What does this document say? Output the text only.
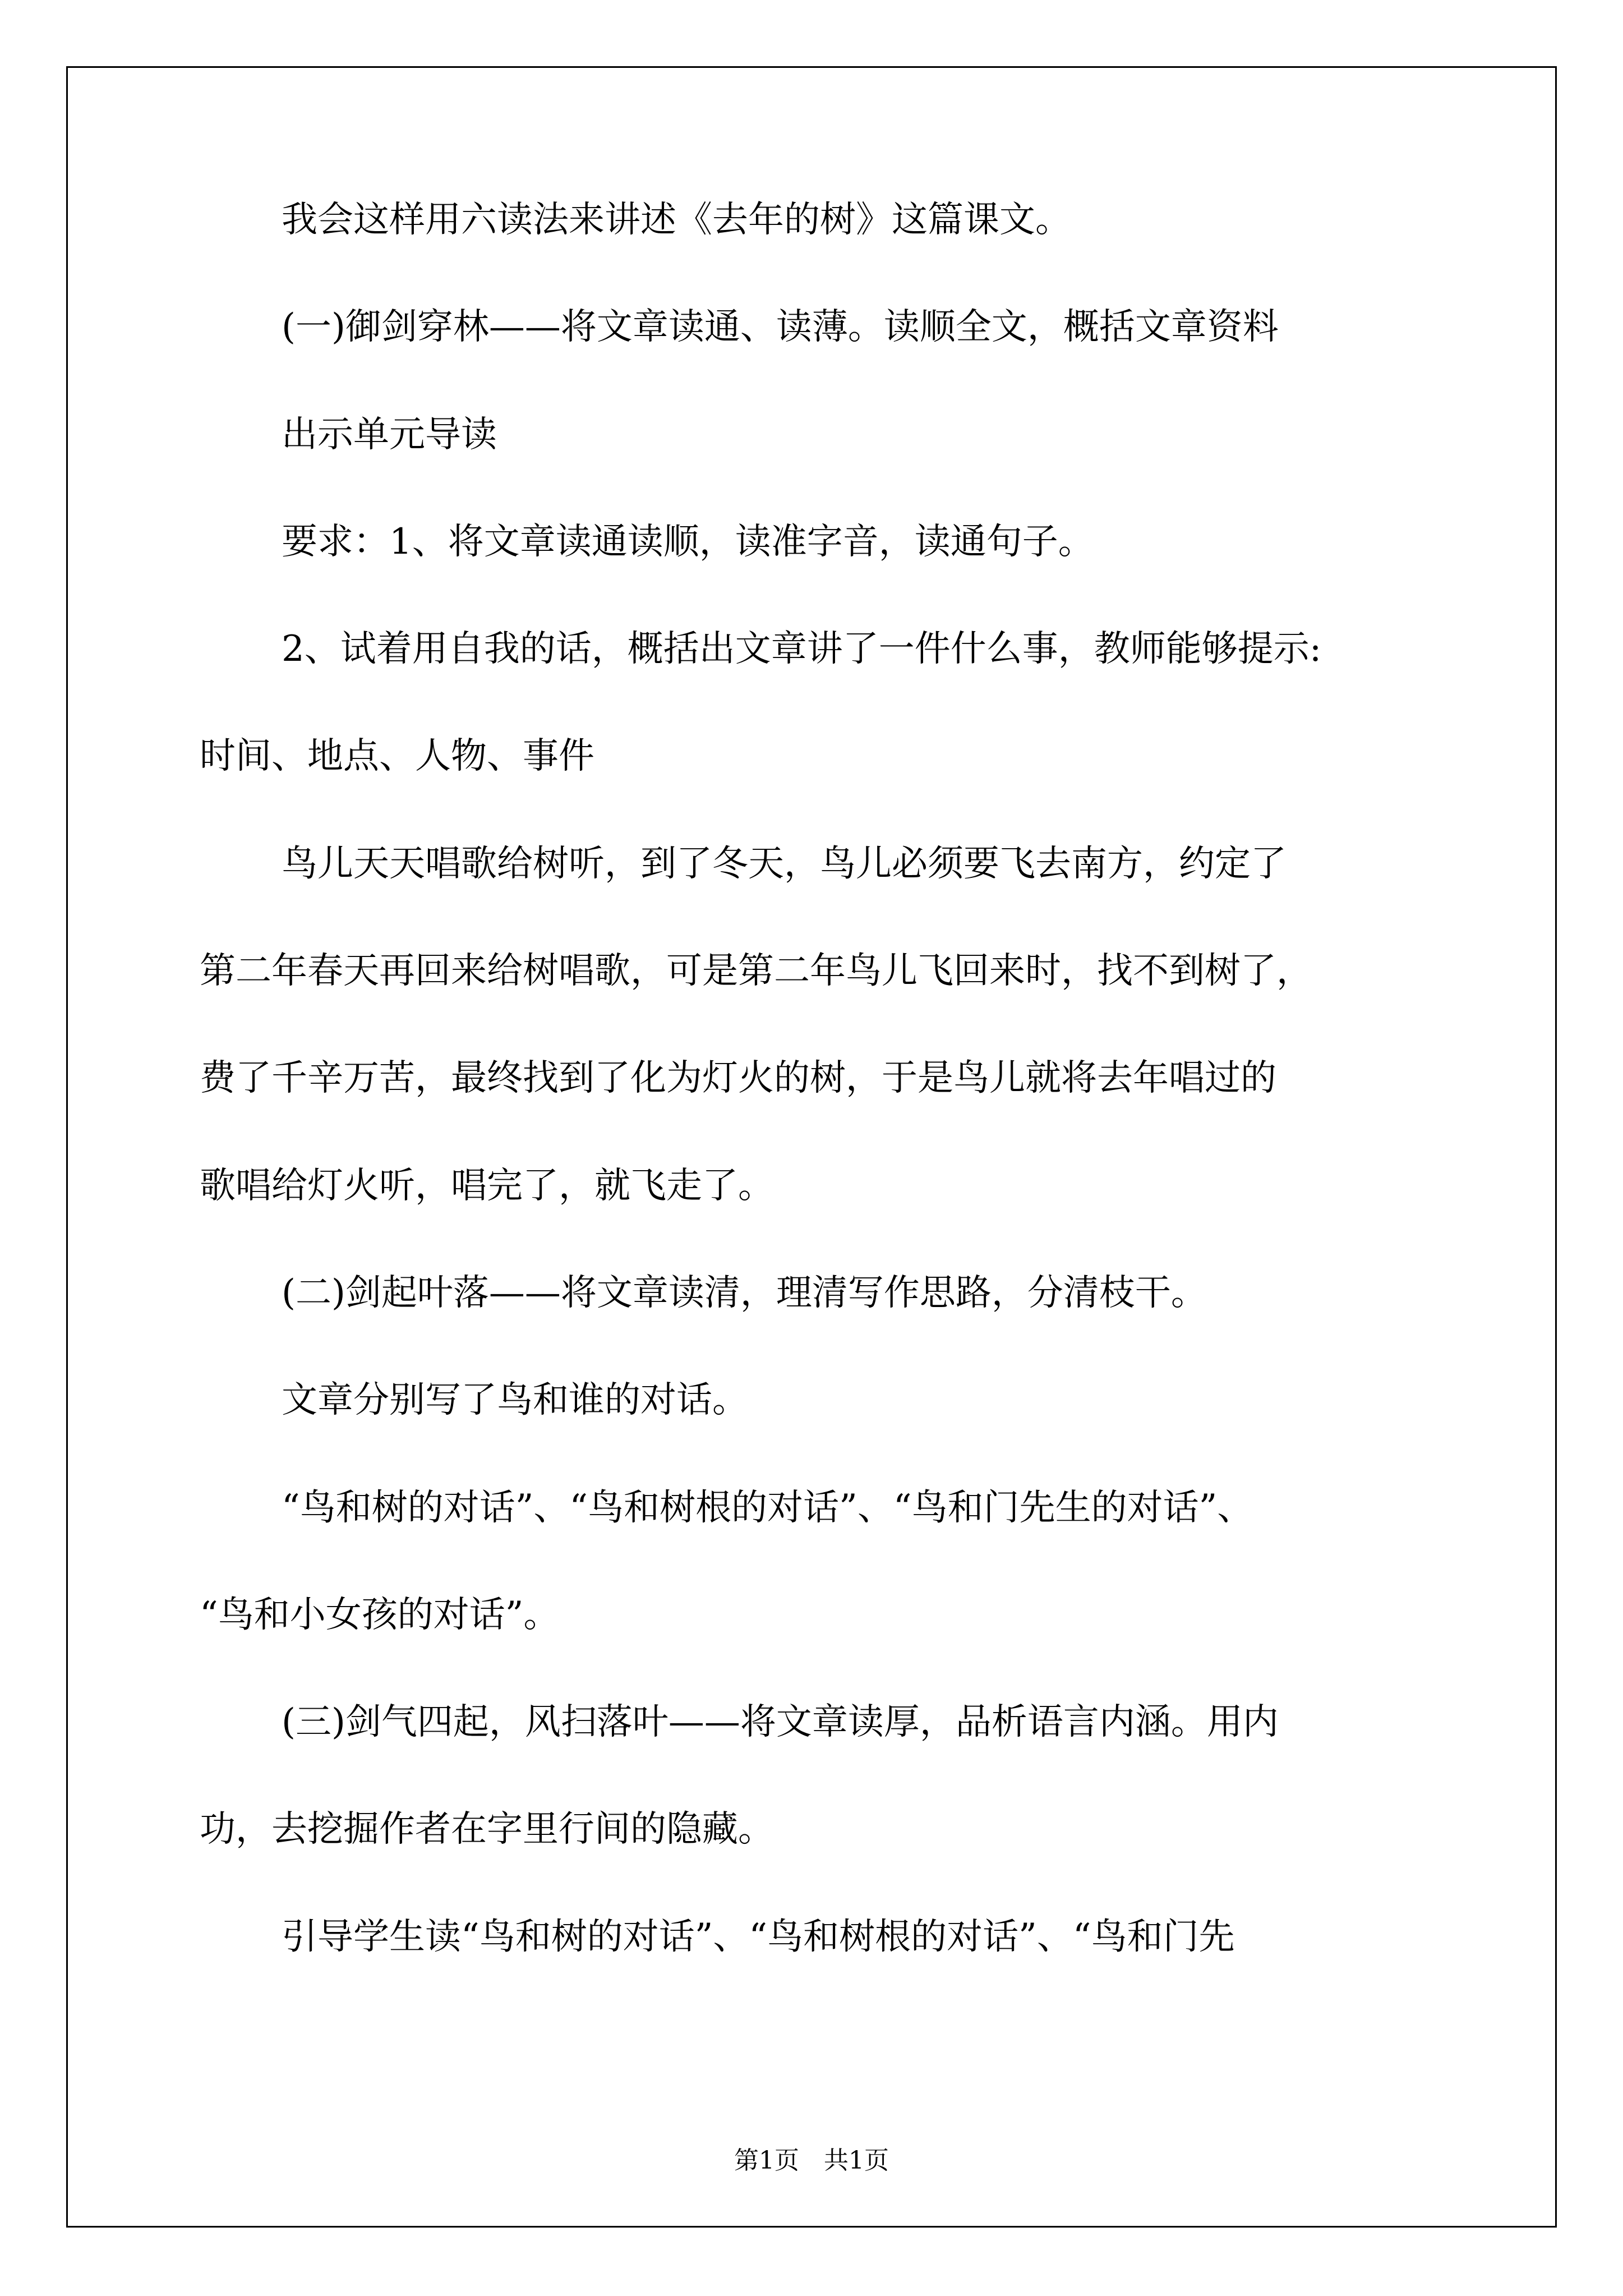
我会这样用六读法来讲述《去年的树》这篇课文。
(一)御剑穿林——将文章读通、读薄。读顺全文，概括文章资料
出示单元导读
要求：1、将文章读通读顺，读准字音，读通句子。
2、试着用自我的话，概括出文章讲了一件什么事，教师能够提示:
时间、地点、人物、事件
鸟儿天天唱歌给树听，到了冬天，鸟儿必须要飞去南方，约定了
第二年春天再回来给树唱歌，可是第二年鸟儿飞回来时，找不到树了，
费了千辛万苦，最终找到了化为灯火的树，于是鸟儿就将去年唱过的
歌唱给灯火听，唱完了，就飞走了。
(二)剑起叶落——将文章读清，理清写作思路，分清枝干。
文章分别写了鸟和谁的对话。
“鸟和树的对话”、“鸟和树根的对话”、“鸟和门先生的对话”、
“鸟和小女孩的对话”。
(三)剑气四起，风扫落叶——将文章读厚，品析语言内涵。用内
功，去挖掘作者在字里行间的隐藏。
引导学生读“鸟和树的对话”、“鸟和树根的对话”、“鸟和门先
第1页　共1页
